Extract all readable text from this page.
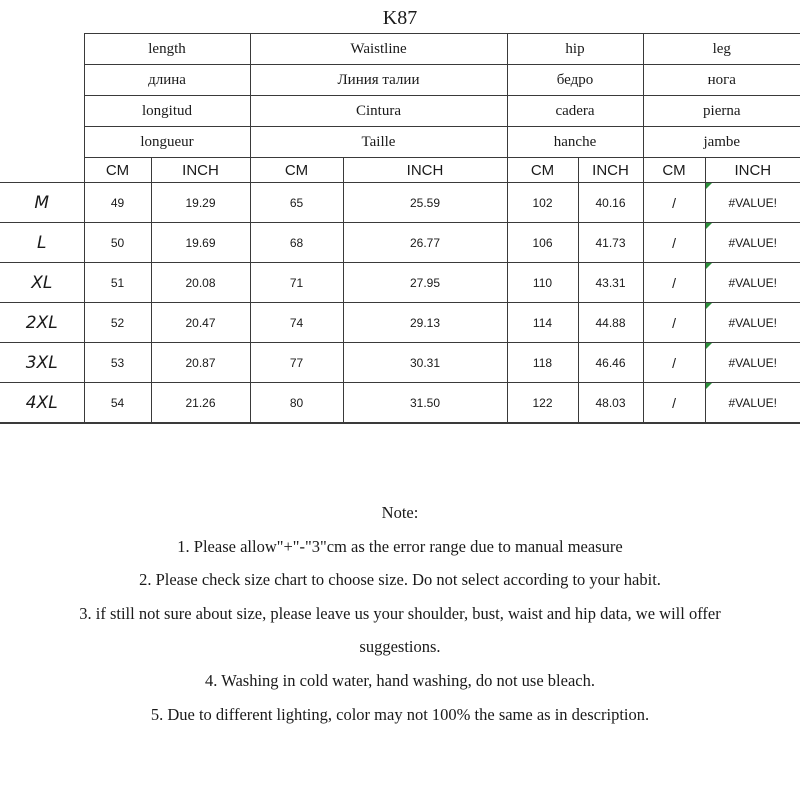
K87
	length		Waistline		hip		leg	
	длина		Линия талии		бедро		нога	
	longitud		Cintura		cadera		pierna	
	longueur		Taille		hanche		jambe	
	CM	INCH	CM	INCH	CM	INCH	CM	INCH
M	49	19.29	65	25.59	102	40.16	/	#VALUE!
L	50	19.69	68	26.77	106	41.73	/	#VALUE!
XL	51	20.08	71	27.95	110	43.31	/	#VALUE!
2XL	52	20.47	74	29.13	114	44.88	/	#VALUE!
3XL	53	20.87	77	30.31	118	46.46	/	#VALUE!
4XL	54	21.26	80	31.50	122	48.03	/	#VALUE!
Note:
1. Please allow"+"-"3"cm as the error range due to manual measure
2. Please check size chart to choose size. Do not select according to your habit.
3. if still not sure about size, please leave us your shoulder, bust, waist and hip data, we will offer
suggestions.
4. Washing in cold water, hand washing, do not use bleach.
5. Due to different lighting, color may not 100% the same as in description.
